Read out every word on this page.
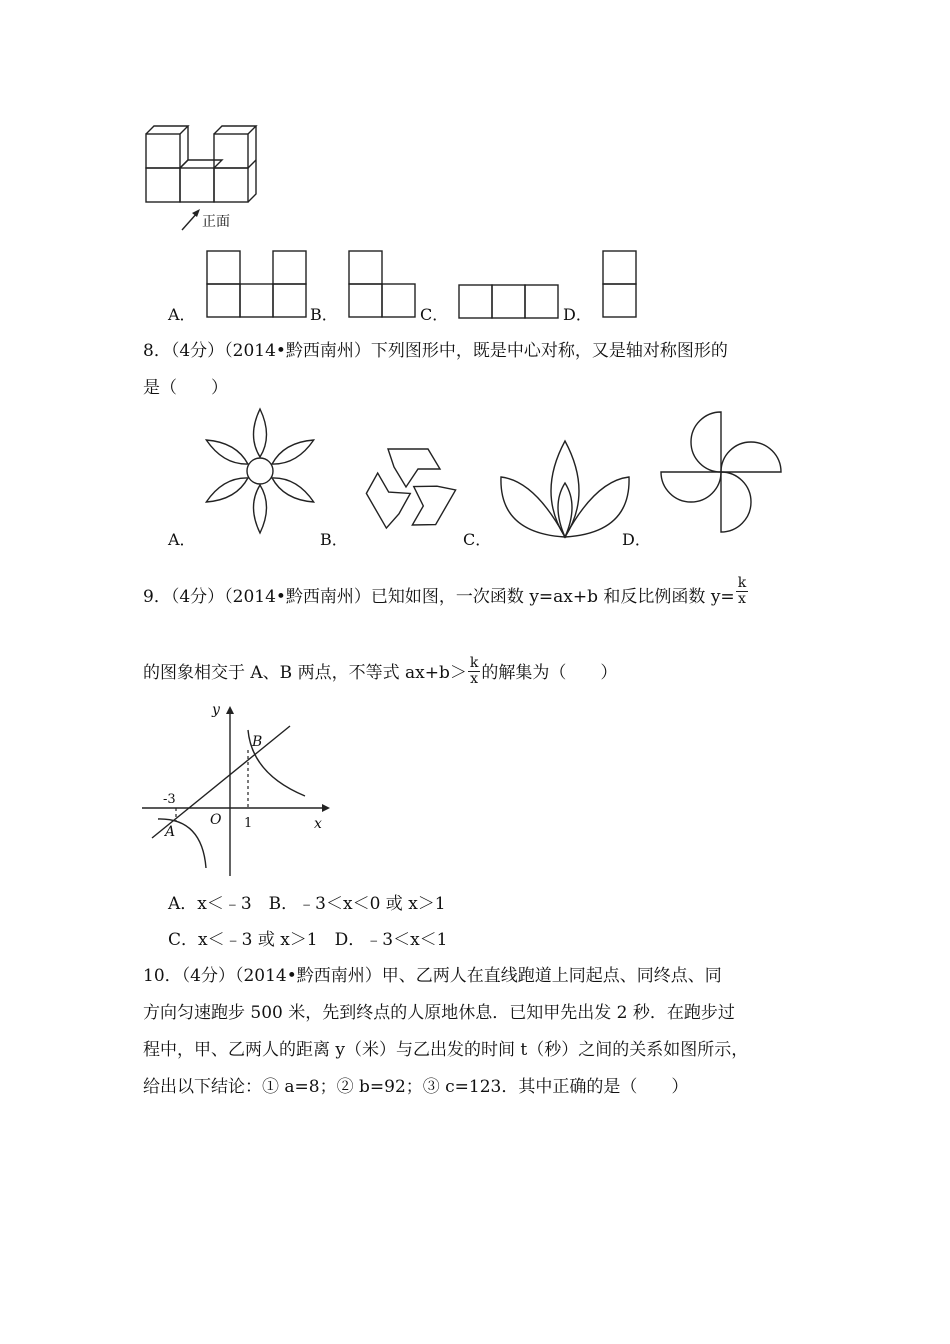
正面
A．	B．	C．	D．
8．（4分）（2014•黔西南州）下列图形中，既是中心对称，又是轴对称图形的
是（　　）
A．	B．	C．	D．
9．（4分）（2014•黔西南州）已知如图，一次函数 y=ax+b 和反比例函数 $y= \frac{k}{x}$
的图象相交于 A、B 两点，不等式 $ax+b> \frac{k}{x}$ 的解集为（　　）
y
x
O
-3
1
A
B
A．x＜﹣3　B．﹣3＜x＜0 或 x＞1
C．x＜﹣3 或 x＞1　D．﹣3＜x＜1
10．（4分）（2014•黔西南州）甲、乙两人在直线跑道上同起点、同终点、同
方向匀速跑步 500 米，先到终点的人原地休息．已知甲先出发 2 秒．在跑步过
程中，甲、乙两人的距离 y（米）与乙出发的时间 t（秒）之间的关系如图所示，
给出以下结论：① a=8；② b=92；③ c=123．其中正确的是（　　）
